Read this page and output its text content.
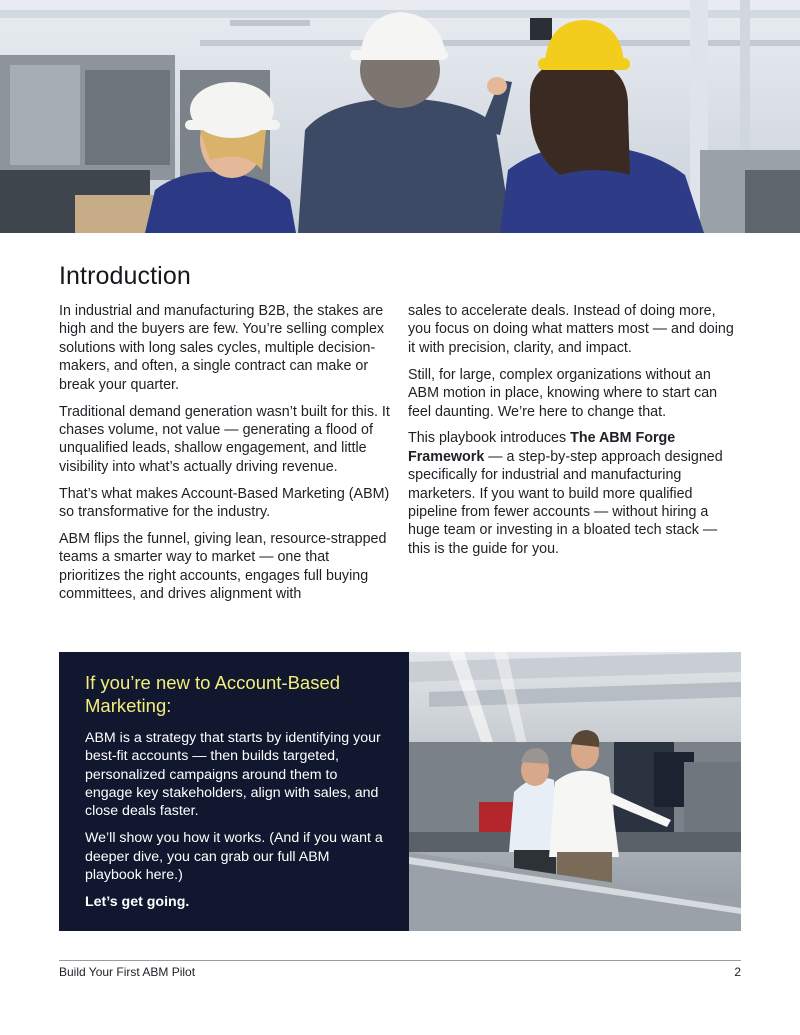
Introduction

In industrial and manufacturing B2B, the stakes are high and the buyers are few. You’re selling complex solutions with long sales cycles, multiple decision-makers, and often, a single contract can make or break your quarter.

Traditional demand generation wasn’t built for this. It chases volume, not value — generating a flood of unqualified leads, shallow engagement, and little visibility into what’s actually driving revenue.

That’s what makes Account-Based Marketing (ABM) so transformative for the industry.

ABM flips the funnel, giving lean, resource-strapped teams a smarter way to market — one that prioritizes the right accounts, engages full buying committees, and drives alignment with

sales to accelerate deals. Instead of doing more, you focus on doing what matters most — and doing it with precision, clarity, and impact.

Still, for large, complex organizations without an ABM motion in place, knowing where to start can feel daunting. We’re here to change that.

This playbook introduces The ABM Forge Framework — a step-by-step approach designed specifically for industrial and manufacturing marketers. If you want to build more qualified pipeline from fewer accounts — without hiring a huge team or investing in a bloated tech stack — this is the guide for you.

If you’re new to Account-Based Marketing:

ABM is a strategy that starts by identifying your best-fit accounts — then builds targeted, personalized campaigns around them to engage key stakeholders, align with sales, and close deals faster.

We’ll show you how it works. (And if you want a deeper dive, you can grab our full ABM playbook here.)

Let’s get going.

Build Your First ABM Pilot	2
